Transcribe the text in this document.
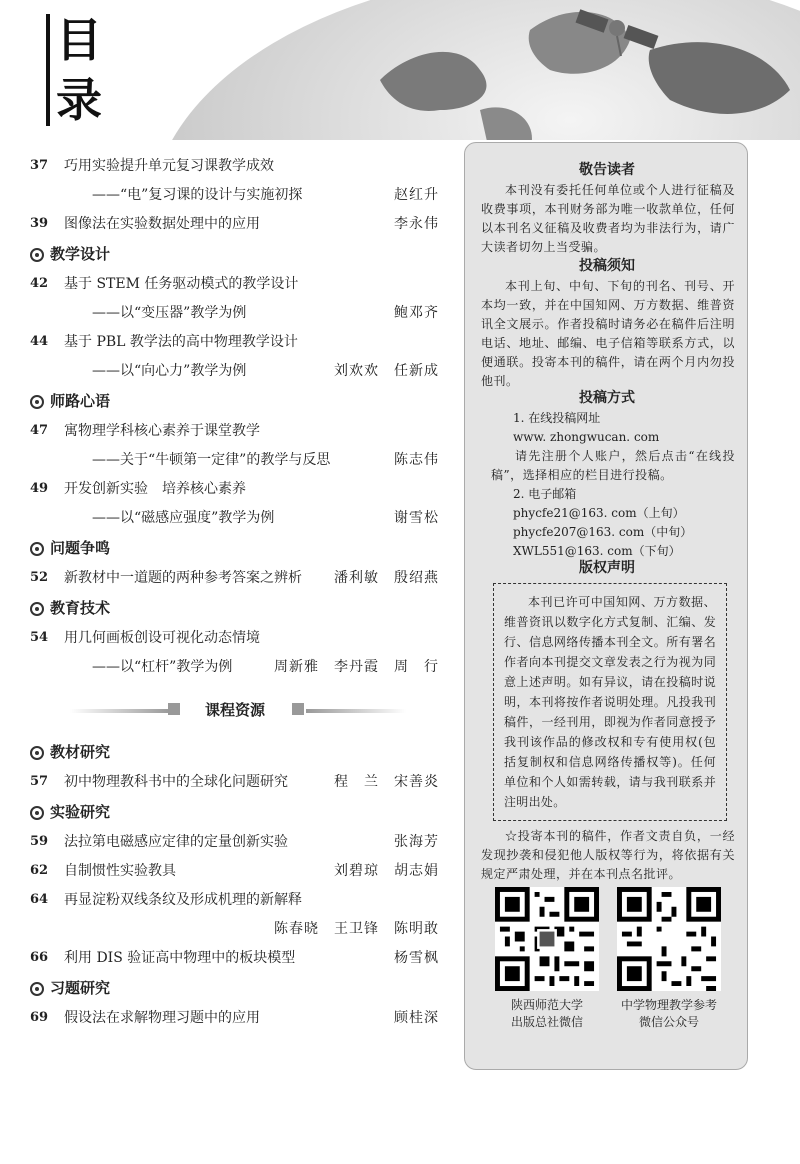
目
录
37 巧用实验提升单元复习课教学成效
——“电”复习课的设计与实施初探	赵红升
39 图像法在实验数据处理中的应用	李永伟
教学设计
42 基于 STEM 任务驱动模式的教学设计
——以“变压器”教学为例	鲍邓齐
44 基于 PBL 教学法的高中物理教学设计
——以“向心力”教学为例	刘欢欢　任新成
师路心语
47 寓物理学科核心素养于课堂教学
——关于“牛顿第一定律”的教学与反思	陈志伟
49 开发创新实验　培养核心素养
——以“磁感应强度”教学为例	谢雪松
问题争鸣
52 新教材中一道题的两种参考答案之辨析 潘利敏　殷绍燕
教育技术
54 用几何画板创设可视化动态情境
——以“杠杆”教学为例	周新雅　李丹霞　周　行
教材研究
57 初中物理教科书中的全球化问题研究	程　兰　宋善炎
实验研究
59 法拉第电磁感应定律的定量创新实验	张海芳
62 自制惯性实验教具	刘碧琼　胡志娟
64 再显淀粉双线条纹及形成机理的新解释
陈春晓　王卫锋　陈明敢
66 利用 DIS 验证高中物理中的板块模型	杨雪枫
习题研究
69 假设法在求解物理习题中的应用	顾桂深
课程资源
敬告读者

本刊没有委托任何单位或个人进行征稿及收费事项，本刊财务部为唯一收款单位，任何以本刊名义征稿及收费者均为非法行为，请广大读者切勿上当受骗。

投稿须知

本刊上旬、中旬、下旬的刊名、刊号、开本均一致，并在中国知网、万方数据、维普资讯全文展示。作者投稿时请务必在稿件后注明电话、地址、邮编、电子信箱等联系方式，以便通联。投寄本刊的稿件，请在两个月内勿投他刊。

投稿方式
1. 在线投稿网址
www. zhongwucan. com

请先注册个人账户，然后点击“在线投稿”，选择相应的栏目进行投稿。

2. 电子邮箱
phycfe21@163. com（上旬）
phycfe207@163. com（中旬）
XWL551@163. com（下旬）
版权声明

本刊已许可中国知网、万方数据、维普资讯以数字化方式复制、汇编、发行、信息网络传播本刊全文。所有署名作者向本刊提交文章发表之行为视为同意上述声明。如有异议，请在投稿时说明，本刊将按作者说明处理。凡投我刊稿件，一经刊用，即视为作者同意授予我刊该作品的修改权和专有使用权(包括复制权和信息网络传播权等)。任何单位和个人如需转载，请与我刊联系并注明出处。

☆投寄本刊的稿件，作者文责自负，一经发现抄袭和侵犯他人版权等行为，将依据有关规定严肃处理，并在本刊点名批评。

陕西师范大学
出版总社微信
中学物理教学参考
微信公众号
